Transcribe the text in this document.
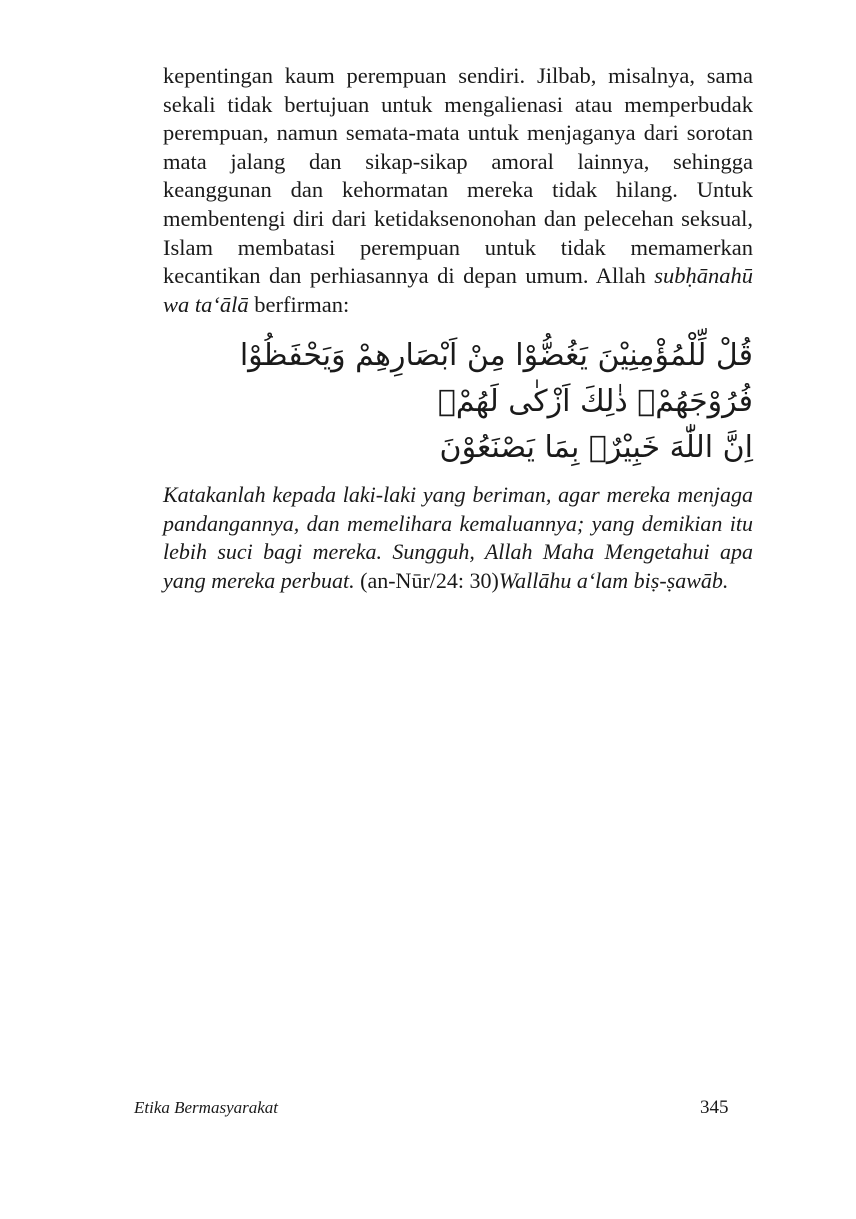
kepentingan kaum perempuan sendiri. Jilbab, misalnya, sama sekali tidak bertujuan untuk mengalienasi atau memperbudak perempuan, namun semata-mata untuk menjaganya dari sorotan mata jalang dan sikap-sikap amoral lainnya, sehingga keanggunan dan kehormatan mereka tidak hilang. Untuk membentengi diri dari ketidaksenonohan dan pelecehan seksual, Islam membatasi perempuan untuk tidak memamerkan kecantikan dan perhiasannya di depan umum. Allah subḥānahū wa ta‘ālā berfirman:

قُلْ لِّلْمُؤْمِنِيْنَ يَغُضُّوْا مِنْ اَبْصَارِهِمْ وَيَحْفَظُوْا فُرُوْجَهُمْۗ ذٰلِكَ اَزْكٰى لَهُمْۗ
اِنَّ اللّٰهَ خَبِيْرٌۢ بِمَا يَصْنَعُوْنَ

Katakanlah kepada laki-laki yang beriman, agar mereka menjaga pandangannya, dan memelihara kemaluannya; yang demikian itu lebih suci bagi mereka. Sungguh, Allah Maha Mengetahui apa yang mereka perbuat. (an-Nūr/24: 30)Wallāhu a‘lam biṣ-ṣawāb.

Etika Bermasyarakat	345
